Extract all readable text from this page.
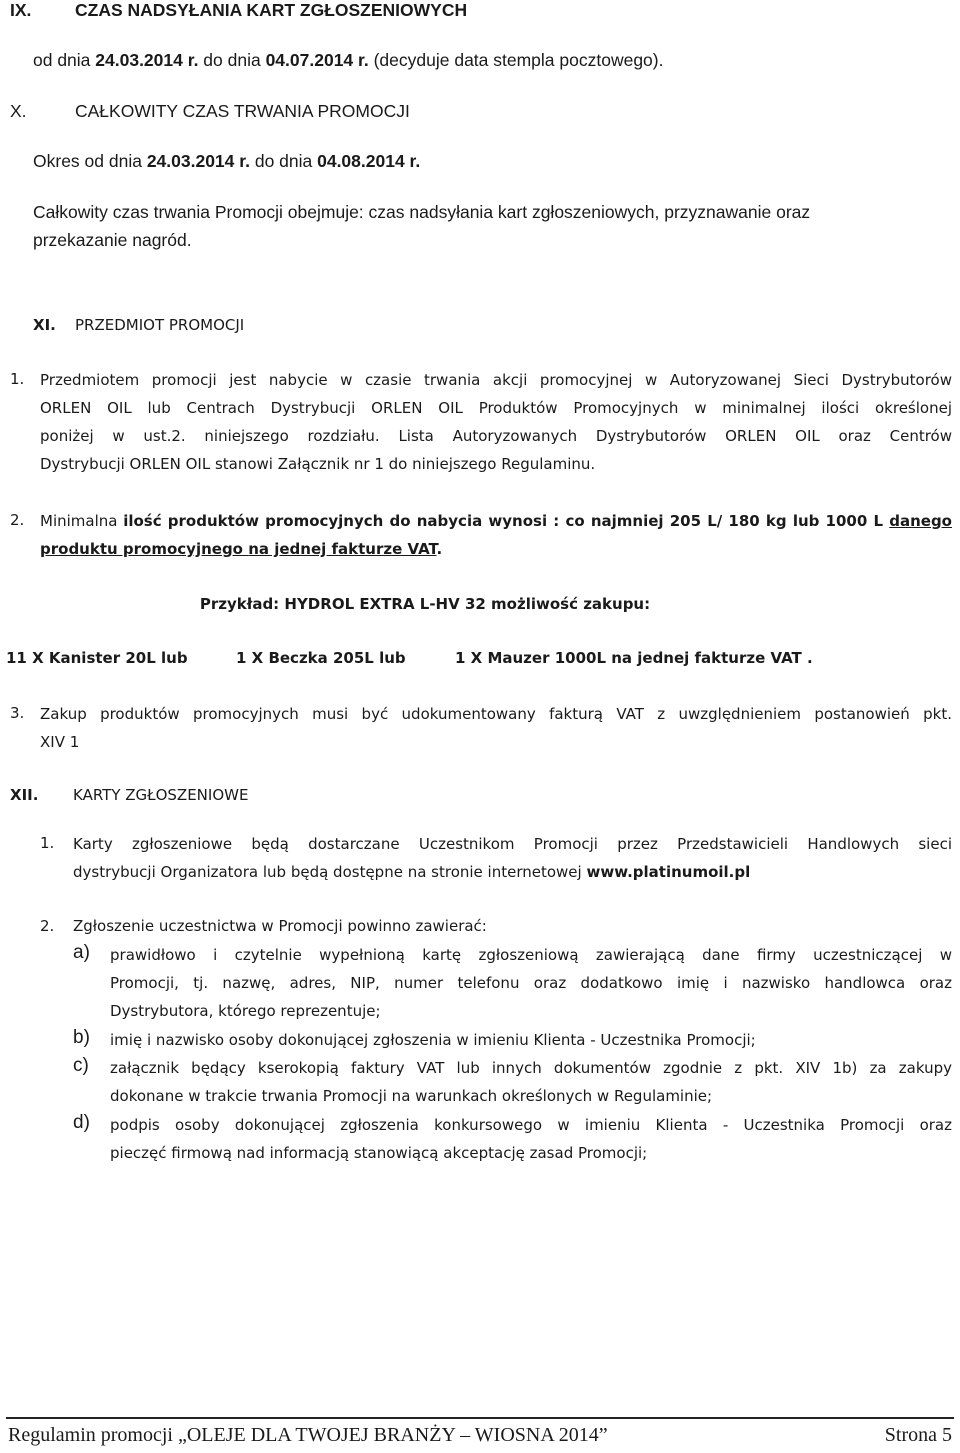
IX. CZAS NADSYŁANIA KART ZGŁOSZENIOWYCH
od dnia 24.03.2014 r. do dnia 04.07.2014 r. (decyduje data stempla pocztowego).
X.	CAŁKOWITY CZAS TRWANIA PROMOCJI
Okres od dnia 24.03.2014 r. do dnia 04.08.2014 r.
Całkowity czas trwania Promocji obejmuje: czas nadsyłania kart zgłoszeniowych, przyznawanie oraz
przekazanie nagród.
XI. PRZEDMIOT PROMOCJI
1. Przedmiotem promocji jest nabycie w czasie trwania akcji promocyjnej w Autoryzowanej Sieci Dystrybutorów
ORLEN OIL lub Centrach Dystrybucji ORLEN OIL Produktów Promocyjnych w minimalnej ilości określonej
poniżej w ust.2. niniejszego rozdziału. Lista Autoryzowanych Dystrybutorów ORLEN OIL oraz Centrów
Dystrybucji ORLEN OIL stanowi Załącznik nr 1 do niniejszego Regulaminu.
2. Minimalna ilość produktów promocyjnych do nabycia wynosi : co najmniej 205 L/ 180 kg lub 1000 L danego
produktu promocyjnego na jednej fakturze VAT.
Przykład: HYDROL EXTRA L-HV 32 możliwość zakupu:
11 X Kanister 20L lub	1 X Beczka 205L lub	1 X Mauzer 1000L na jednej fakturze VAT .
3. Zakup produktów promocyjnych musi być udokumentowany fakturą VAT z uwzględnieniem postanowień pkt.
XIV 1
XII. KARTY ZGŁOSZENIOWE
1. Karty zgłoszeniowe będą dostarczane Uczestnikom Promocji przez Przedstawicieli Handlowych sieci
dystrybucji Organizatora lub będą dostępne na stronie internetowej www.platinumoil.pl
2. Zgłoszenie uczestnictwa w Promocji powinno zawierać:
a) prawidłowo i czytelnie wypełnioną kartę zgłoszeniową zawierającą dane firmy uczestniczącej w
Promocji, tj. nazwę, adres, NIP, numer telefonu oraz dodatkowo imię i nazwisko handlowca oraz
Dystrybutora, którego reprezentuje;
b) imię i nazwisko osoby dokonującej zgłoszenia w imieniu Klienta - Uczestnika Promocji;
c) załącznik będący kserokopią faktury VAT lub innych dokumentów zgodnie z pkt. XIV 1b) za zakupy
dokonane w trakcie trwania Promocji na warunkach określonych w Regulaminie;
d) podpis osoby dokonującej zgłoszenia konkursowego w imieniu Klienta - Uczestnika Promocji oraz
pieczęć firmową nad informacją stanowiącą akceptację zasad Promocji;
Regulamin promocji „OLEJE DLA TWOJEJ BRANŻY – WIOSNA 2014”	Strona 5
